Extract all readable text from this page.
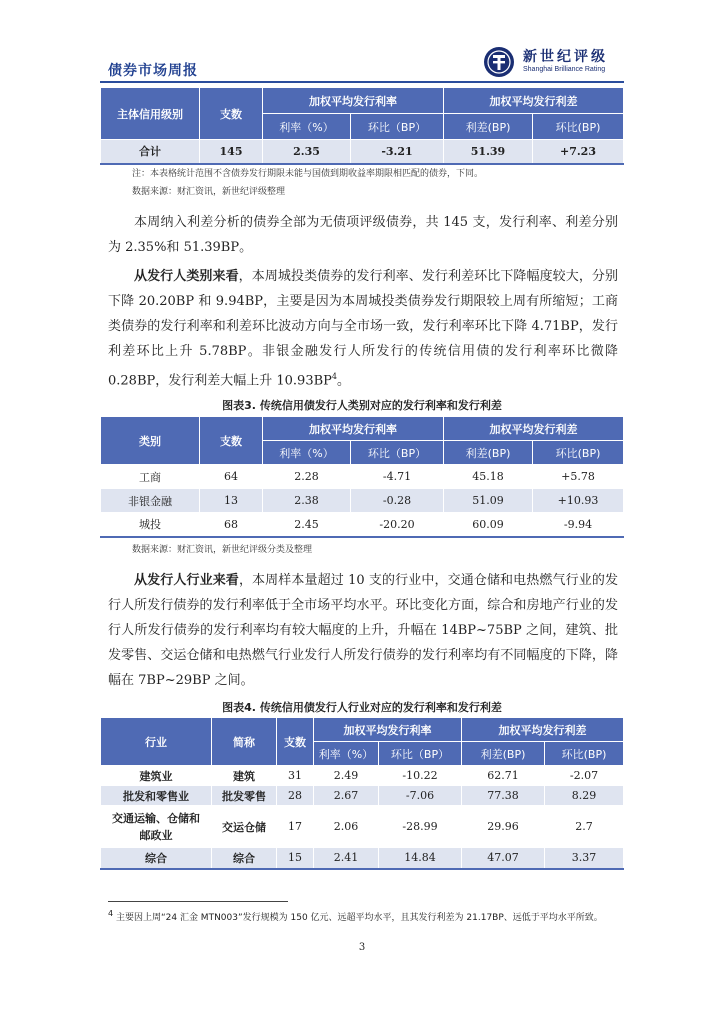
债券市场周报
新世纪评级
Shanghai Brilliance Rating
主体信用级别	支数	加权平均发行利率		加权平均发行利差	
		利率（%）	环比（BP）	利差(BP)	环比(BP)
合计	145	2.35	-3.21	51.39	+7.23
注：本表格统计范围不含债券发行期限未能与国债到期收益率期限相匹配的债券，下同。
数据来源：财汇资讯，新世纪评级整理
本周纳入利差分析的债券全部为无债项评级债券，共 145 支，发行利率、利差分别为 2.35%和 51.39BP。
从发行人类别来看，本周城投类债券的发行利率、发行利差环比下降幅度较大，分别下降 20.20BP 和 9.94BP，主要是因为本周城投类债券发行期限较上周有所缩短；工商类债券的发行利率和利差环比波动方向与全市场一致，发行利率环比下降 4.71BP，发行利差环比上升 5.78BP。非银金融发行人所发行的传统信用债的发行利率环比微降 0.28BP，发行利差大幅上升 $10.93BP^4$。
图表3. 传统信用债发行人类别对应的发行利率和发行利差
类别	支数	加权平均发行利率		加权平均发行利差	
		利率（%）	环比（BP）	利差(BP)	环比(BP)
工商	64	2.28	-4.71	45.18	+5.78
非银金融	13	2.38	-0.28	51.09	+10.93
城投	68	2.45	-20.20	60.09	-9.94
数据来源：财汇资讯，新世纪评级分类及整理
从发行人行业来看，本周样本量超过 10 支的行业中，交通仓储和电热燃气行业的发行人所发行债券的发行利率低于全市场平均水平。环比变化方面，综合和房地产行业的发行人所发行债券的发行利率均有较大幅度的上升，升幅在 14BP~75BP 之间，建筑、批发零售、交运仓储和电热燃气行业发行人所发行债券的发行利率均有不同幅度的下降，降幅在 7BP~29BP 之间。
图表4. 传统信用债发行人行业对应的发行利率和发行利差
行业	简称	支数	加权平均发行利率		加权平均发行利差	
			利率（%）	环比（BP）	利差(BP)	环比(BP)
建筑业	建筑	31	2.49	-10.22	62.71	-2.07
批发和零售业	批发零售	28	2.67	-7.06	77.38	8.29

交通运输、仓储和
邮政业	交运仓储	17	2.06	-28.99	29.96	2.7
综合	综合	15	2.41	14.84	47.07	3.37
$^4$ 主要因上周“24 汇金 MTN003”发行规模为 150 亿元、远超平均水平，且其发行利差为 21.17BP、远低于平均水平所致。
3
